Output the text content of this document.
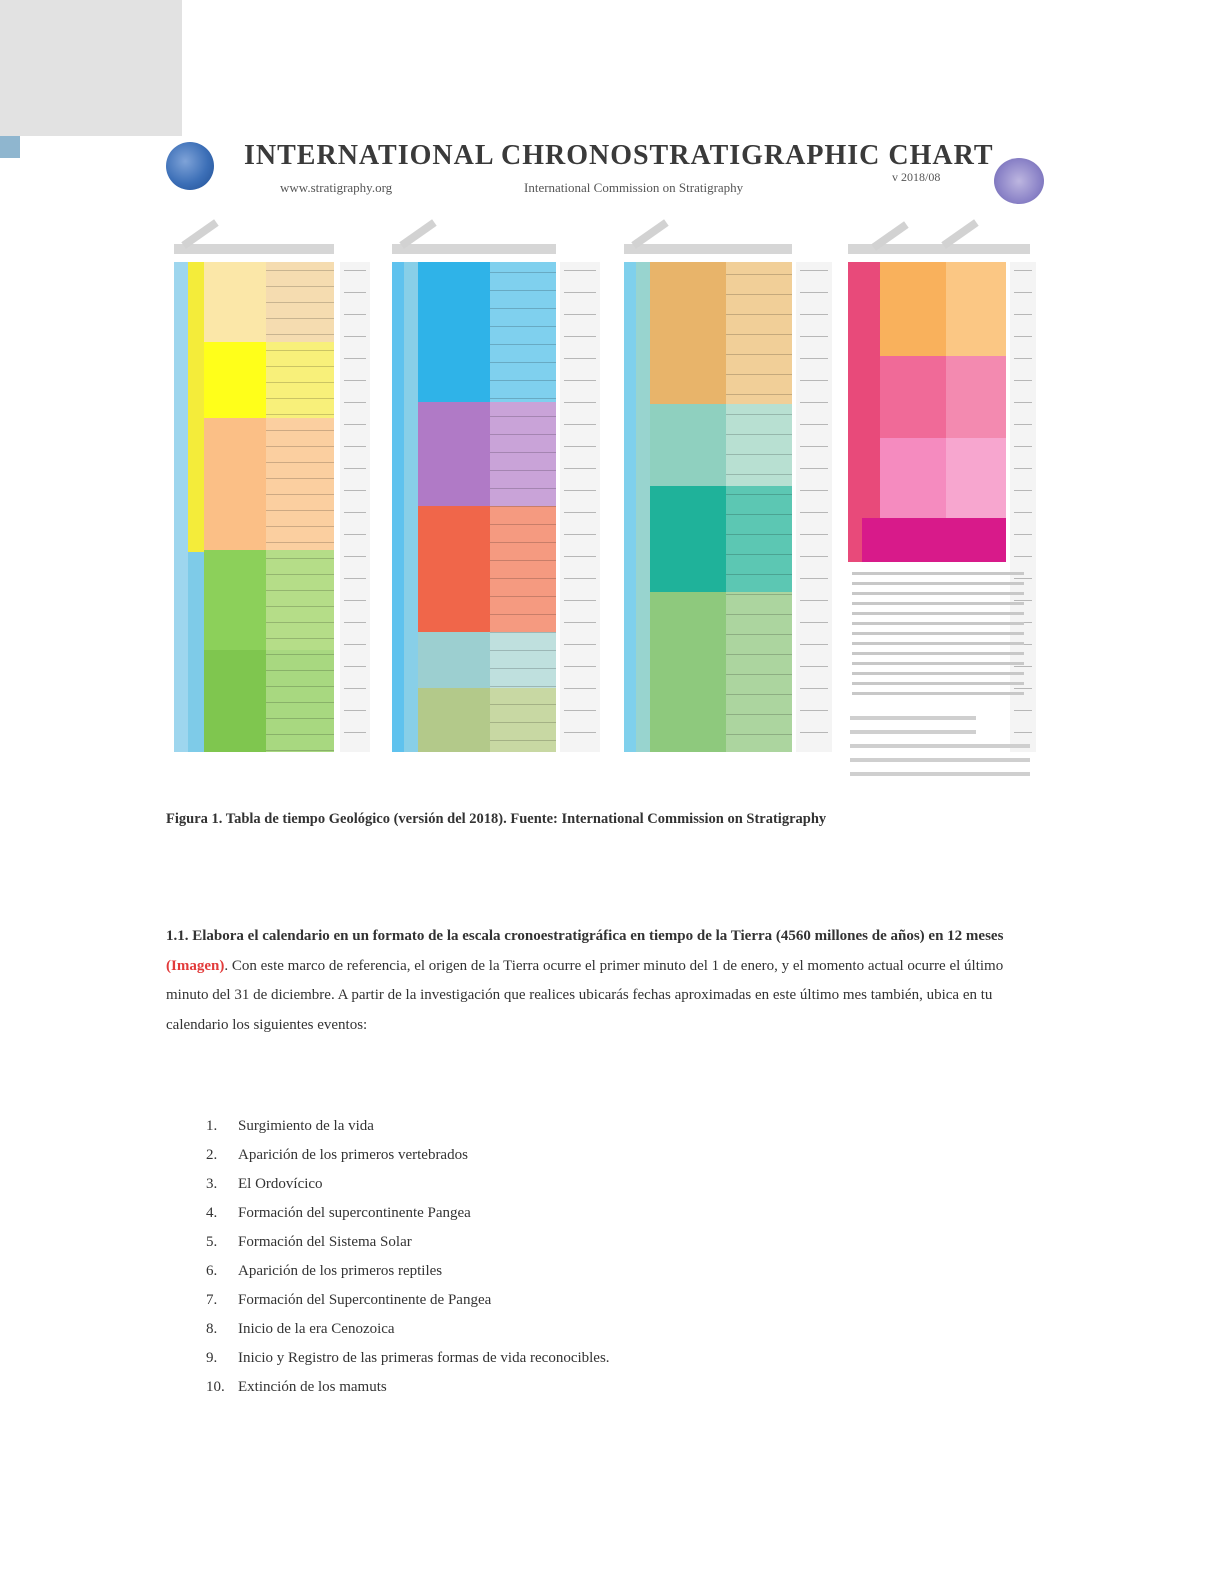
INTERNATIONAL CHRONOSTRATIGRAPHIC CHART
www.stratigraphy.org	International Commission on Stratigraphy
v 2018/08
Figura 1. Tabla de tiempo Geológico (versión del 2018). Fuente: International Commission on Stratigraphy
1.1. Elabora el calendario en un formato de la escala cronoestratigráfica en tiempo de la Tierra (4560 millones de años) en 12 meses (Imagen). Con este marco de referencia, el origen de la Tierra ocurre el primer minuto del 1 de enero, y el momento actual ocurre el último minuto del 31 de diciembre. A partir de la investigación que realices ubicarás fechas aproximadas en este último mes también, ubica en tu calendario los siguientes eventos:
1. Surgimiento de la vida
2. Aparición de los primeros vertebrados
3. El Ordovícico
4. Formación del supercontinente Pangea
5. Formación del Sistema Solar
6. Aparición de los primeros reptiles
7. Formación del Supercontinente de Pangea
8. Inicio de la era Cenozoica
9. Inicio y Registro de las primeras formas de vida reconocibles.
10. Extinción de los mamuts
